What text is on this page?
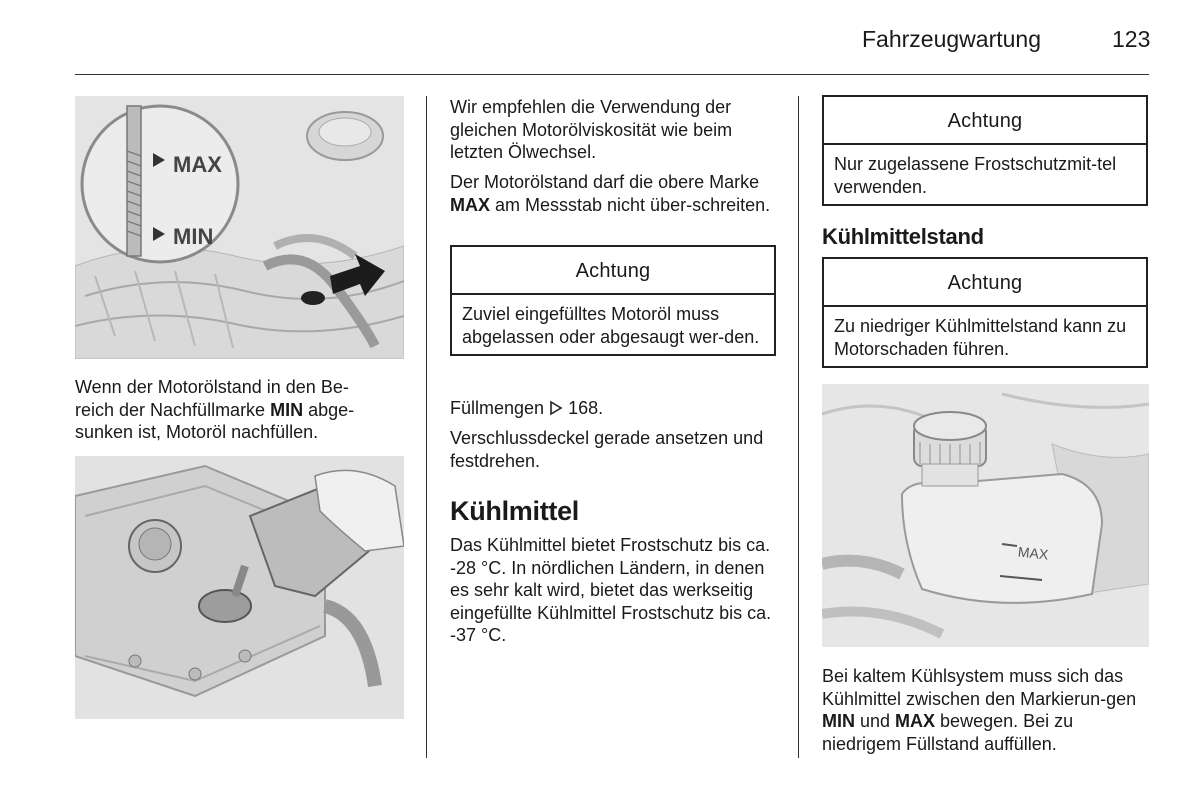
Fahrzeugwartung	123
MAX
MIN

Wenn der Motorölstand in den Be-
reich der Nachfüllmarke MIN abge-
sunken ist, Motoröl nachfüllen.

Wir empfehlen die Verwendung der gleichen Motorölviskosität wie beim letzten Ölwechsel.

Der Motorölstand darf die obere Marke MAX am Messstab nicht über-schreiten.

Achtung
Zuviel eingefülltes Motoröl muss abgelassen oder abgesaugt wer-den.

Füllmengen 168.

Verschlussdeckel gerade ansetzen und festdrehen.

Kühlmittel

Das Kühlmittel bietet Frostschutz bis ca. -28 °C. In nördlichen Ländern, in denen es sehr kalt wird, bietet das werkseitig eingefüllte Kühlmittel Frostschutz bis ca. -37 °C.

Achtung
Nur zugelassene Frostschutzmit-tel verwenden.
Kühlmittelstand
Achtung
Zu niedriger Kühlmittelstand kann zu Motorschaden führen.
MAX

Bei kaltem Kühlsystem muss sich das Kühlmittel zwischen den Markierun-gen MIN und MAX bewegen. Bei zu niedrigem Füllstand auffüllen.
